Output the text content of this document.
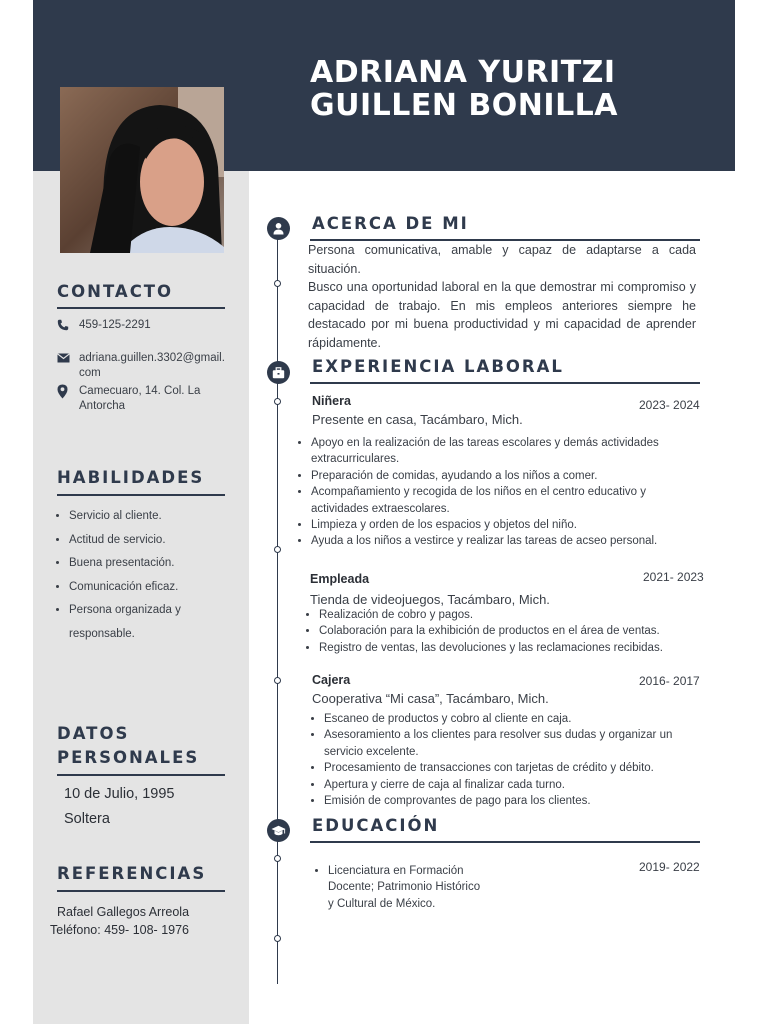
ADRIANA YURITZI
GUILLEN BONILLA
CONTACTO
459-125-2291
adriana.guillen.3302@gmail.
com
Camecuaro, 14. Col. La
Antorcha
HABILIDADES
• Servicio al cliente.
• Actitud de servicio.
• Buena presentación.
• Comunicación eficaz.
• Persona organizada y responsable.
DATOS
PERSONALES

10 de Julio, 1995

Soltera

REFERENCIAS

Rafael Gallegos Arreola

Teléfono: 459- 108- 1976

ACERCA DE MI

Persona comunicativa, amable y capaz de adaptarse a cada situación.

Busco una oportunidad laboral en la que demostrar mi compromiso y capacidad de trabajo. En mis empleos anteriores siempre he destacado por mi buena productividad y mi capacidad de aprender rápidamente.

EXPERIENCIA LABORAL

Niñera	2023- 2024

Presente en casa, Tacámbaro, Mich.

• Apoyo en la realización de las tareas escolares y demás actividades extracurriculares.
• Preparación de comidas, ayudando a los niños a comer.
• Acompañamiento y recogida de los niños en el centro educativo y actividades extraescolares.
• Limpieza y orden de los espacios y objetos del niño.
• Ayuda a los niños a vestirce y realizar las tareas de acseo personal.

Empleada	2021- 2023

Tienda de videojuegos, Tacámbaro, Mich.

• Realización de cobro y pagos.
• Colaboración para la exhibición de productos en el área de ventas.
• Registro de ventas, las devoluciones y las reclamaciones recibidas.

Cajera	2016- 2017

Cooperativa “Mi casa”, Tacámbaro, Mich.

• Escaneo de productos y cobro al cliente en caja.
• Asesoramiento a los clientes para resolver sus dudas y organizar un servicio excelente.
• Procesamiento de transacciones con tarjetas de crédito y débito.
• Apertura y cierre de caja al finalizar cada turno.
• Emisión de comprovantes de pago para los clientes.
EDUCACIÓN

2019- 2022

• Licenciatura en Formación Docente; Patrimonio Histórico y Cultural de México.
